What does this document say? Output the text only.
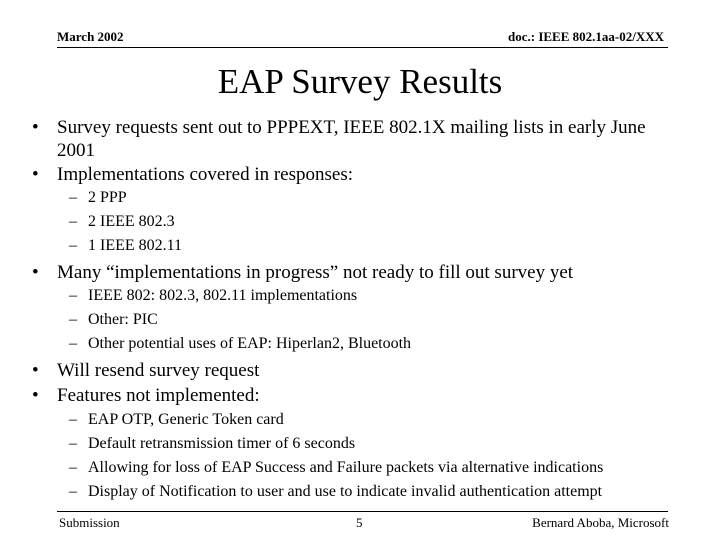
March 2002	doc.: IEEE 802.1aa-02/XXX
EAP Survey Results
• Survey requests sent out to PPPEXT, IEEE 802.1X mailing lists in early June
2001
• Implementations covered in responses:
– 2 PPP
– 2 IEEE 802.3
– 1 IEEE 802.11
• Many “implementations in progress” not ready to fill out survey yet
– IEEE 802: 802.3, 802.11 implementations
– Other: PIC
– Other potential uses of EAP: Hiperlan2, Bluetooth
• Will resend survey request
• Features not implemented:
– EAP OTP, Generic Token card
– Default retransmission timer of 6 seconds
– Allowing for loss of EAP Success and Failure packets via alternative indications
– Display of Notification to user and use to indicate invalid authentication attempt
Submission	5	Bernard Aboba, Microsoft
